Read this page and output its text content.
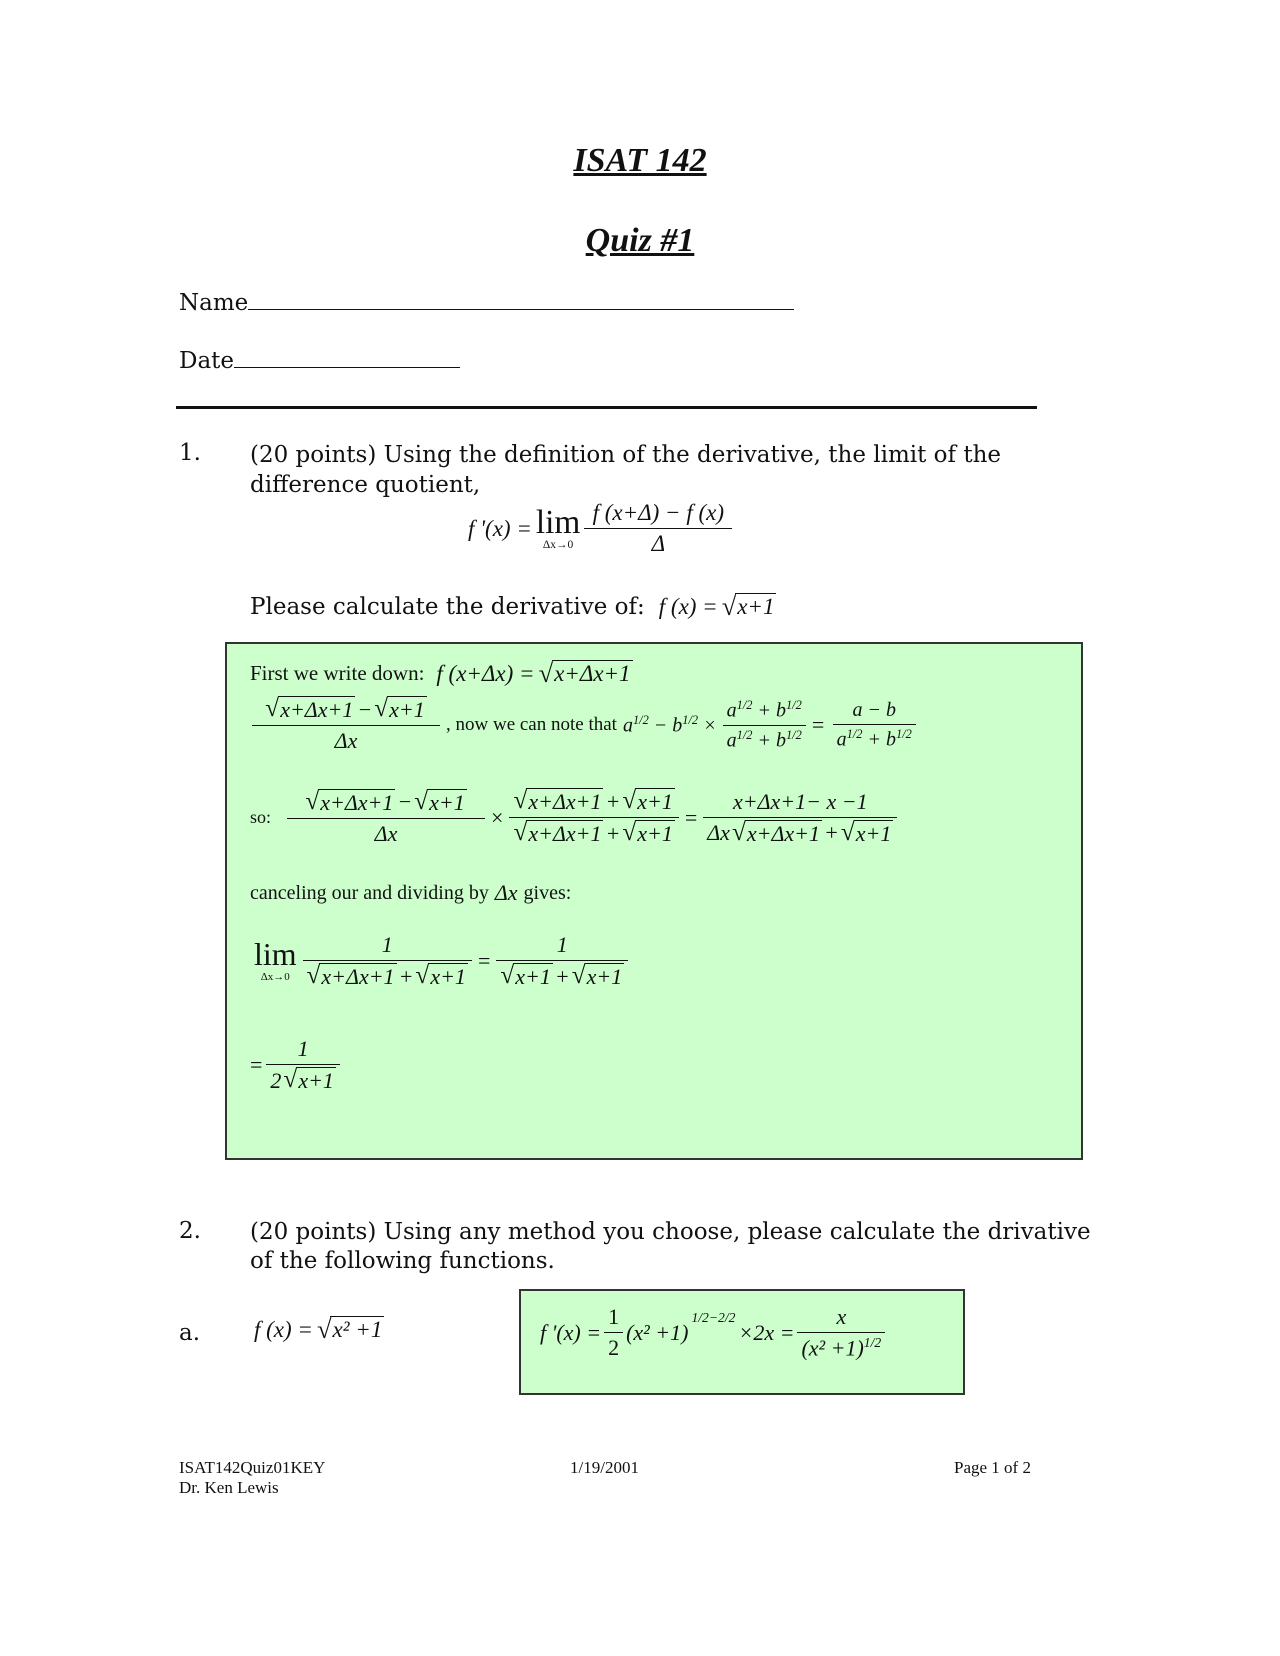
ISAT 142
Quiz #1
Name
Date
1. (20 points) Using the definition of the derivative, the limit of the
difference quotient,
f '(x) = lim
$\Delta x\to 0 \frac{f (x+\Delta) - f (x)}{\Delta}$
Please calculate the derivative of: f (x) = √ x+1
First we write down: f (x+Δx) = √ x+Δx+1
$\frac{√ x+\Delta x+1 - √ x+1}{\Delta x}$ , now we can note that $a^{1/2} - b^{1/2} \times \frac{a^{1/2} + b^{1/2}}{a^{1/2} + b^{1/2}} = \frac{a - b}{a^{1/2} + b^{1/2}}$
so: $\frac{√ x+\Delta x+1 - √ x+1}{\Delta x} \times \frac{√ x+\Delta x+1 + √ x+1}{√ x+\Delta x+1 + √ x+1} = \frac{x+\Delta x+1- x -1}{\Delta x √ x+\Delta x+1 + √ x+1}$
canceling our and dividing by Δx gives:
lim
$\Delta x\to 0 \frac{1}{√ x+\Delta x+1 + √ x+1} = \frac{1}{√ x+1 + √ x+1}$
= $\frac{1}{2 √ x+1}$
2. (20 points) Using any method you choose, please calculate the drivative
of the following functions.
a. f (x) = √ x² +1	f '$(x) = \frac{1}{2} (x^2 +1)$
$^{1/2-2/2}$
$\times 2x = \frac{x}{(x^2 +1)^{1/2}}$
ISAT142Quiz01KEY
Dr. Ken Lewis
1/19/2001	Page 1 of 2
